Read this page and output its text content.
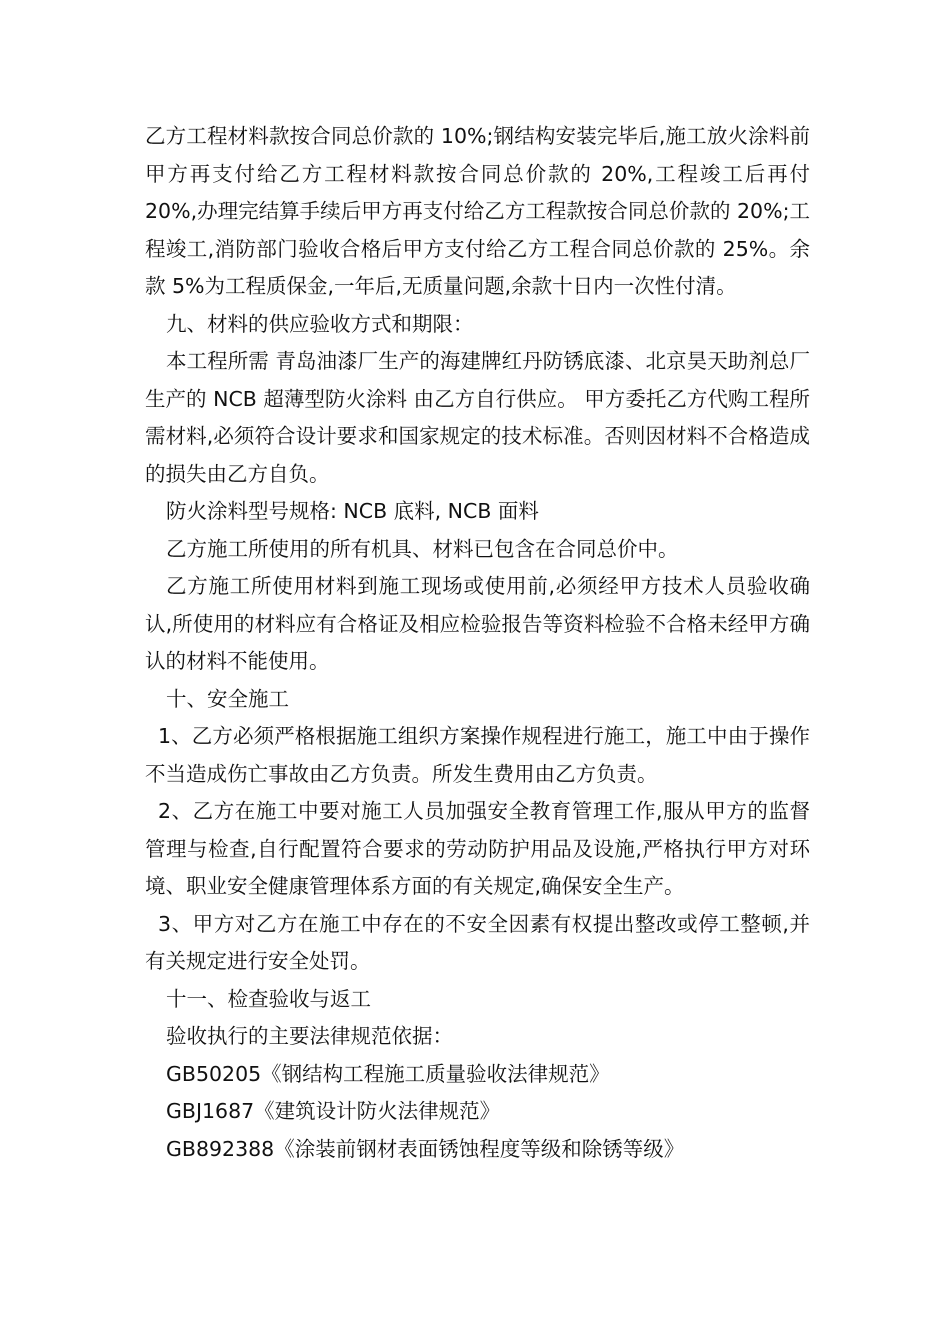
乙方工程材料款按合同总价款的 10%;钢结构安装完毕后,施工放火涂料前甲方再支付给乙方工程材料款按合同总价款的 20%,工程竣工后再付 20%,办理完结算手续后甲方再支付给乙方工程款按合同总价款的 20%;工程竣工,消防部门验收合格后甲方支付给乙方工程合同总价款的 25%。余款 5%为工程质保金,一年后,无质量问题,余款十日内一次性付清。

九、材料的供应验收方式和期限：

本工程所需 青岛油漆厂生产的海建牌红丹防锈底漆、北京昊天助剂总厂生产的 NCB 超薄型防火涂料 由乙方自行供应。 甲方委托乙方代购工程所需材料,必须符合设计要求和国家规定的技术标准。否则因材料不合格造成的损失由乙方自负。

防火涂料型号规格: NCB 底料, NCB 面料

乙方施工所使用的所有机具、材料已包含在合同总价中。

乙方施工所使用材料到施工现场或使用前,必须经甲方技术人员验收确认,所使用的材料应有合格证及相应检验报告等资料检验不合格未经甲方确认的材料不能使用。

十、安全施工

1、乙方必须严格根据施工组织方案操作规程进行施工，施工中由于操作不当造成伤亡事故由乙方负责。所发生费用由乙方负责。

2、乙方在施工中要对施工人员加强安全教育管理工作,服从甲方的监督管理与检查,自行配置符合要求的劳动防护用品及设施,严格执行甲方对环境、职业安全健康管理体系方面的有关规定,确保安全生产。

3、甲方对乙方在施工中存在的不安全因素有权提出整改或停工整顿,并有关规定进行安全处罚。

十一、检查验收与返工

验收执行的主要法律规范依据：

GB50205《钢结构工程施工质量验收法律规范》

GBJ1687《建筑设计防火法律规范》

GB892388《涂装前钢材表面锈蚀程度等级和除锈等级》
